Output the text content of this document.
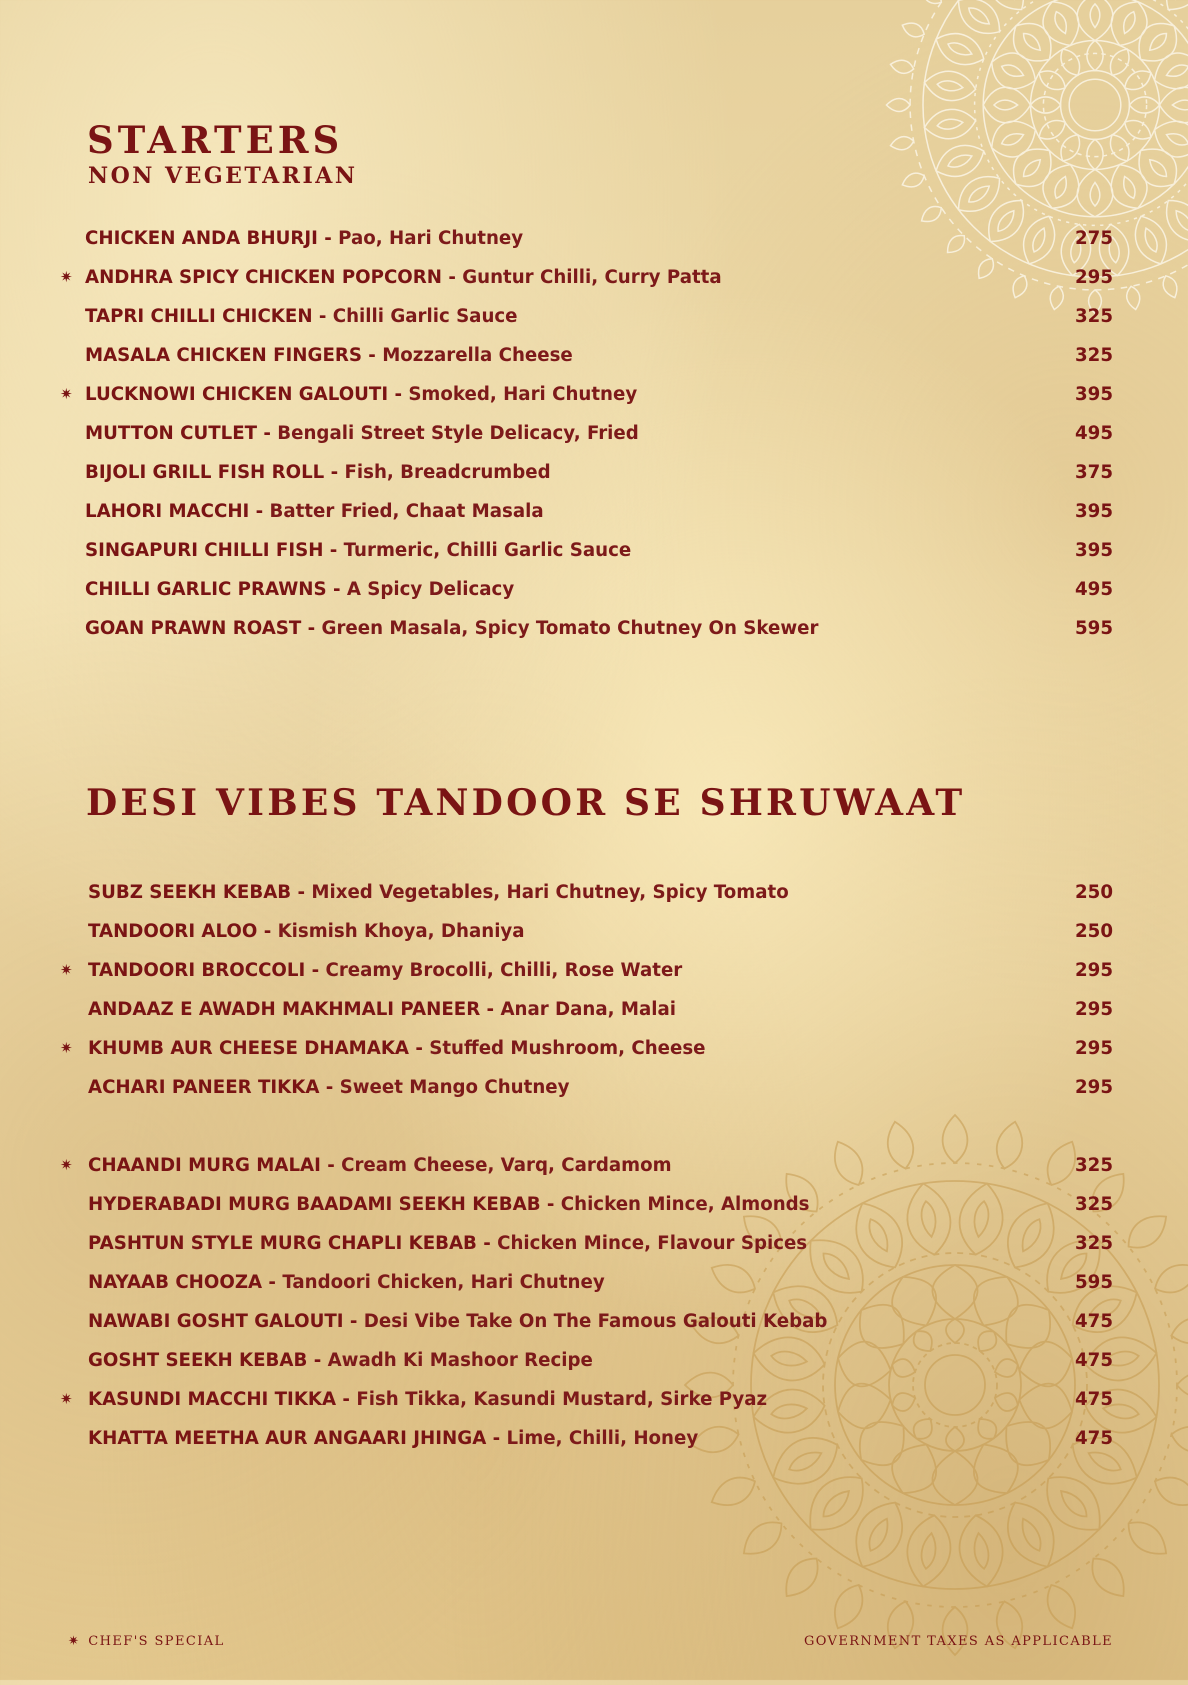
STARTERS
NON VEGETARIAN
CHICKEN ANDA BHURJI - Pao, Hari Chutney	275
✷ ANDHRA SPICY CHICKEN POPCORN - Guntur Chilli, Curry Patta	295
TAPRI CHILLI CHICKEN - Chilli Garlic Sauce	325
MASALA CHICKEN FINGERS - Mozzarella Cheese	325
✷ LUCKNOWI CHICKEN GALOUTI - Smoked, Hari Chutney	395
MUTTON CUTLET - Bengali Street Style Delicacy, Fried	495
BIJOLI GRILL FISH ROLL - Fish, Breadcrumbed	375
LAHORI MACCHI - Batter Fried, Chaat Masala	395
SINGAPURI CHILLI FISH - Turmeric, Chilli Garlic Sauce	395
CHILLI GARLIC PRAWNS - A Spicy Delicacy	495
GOAN PRAWN ROAST - Green Masala, Spicy Tomato Chutney On Skewer	595
DESI VIBES TANDOOR SE SHRUWAAT
SUBZ SEEKH KEBAB - Mixed Vegetables, Hari Chutney, Spicy Tomato	250
TANDOORI ALOO - Kismish Khoya, Dhaniya	250
✷ TANDOORI BROCCOLI - Creamy Brocolli, Chilli, Rose Water	295
ANDAAZ E AWADH MAKHMALI PANEER - Anar Dana, Malai	295
✷ KHUMB AUR CHEESE DHAMAKA - Stuffed Mushroom, Cheese	295
ACHARI PANEER TIKKA - Sweet Mango Chutney	295
✷ CHAANDI MURG MALAI - Cream Cheese, Varq, Cardamom	325
HYDERABADI MURG BAADAMI SEEKH KEBAB - Chicken Mince, Almonds	325
PASHTUN STYLE MURG CHAPLI KEBAB - Chicken Mince, Flavour Spices	325
NAYAAB CHOOZA - Tandoori Chicken, Hari Chutney	595
NAWABI GOSHT GALOUTI - Desi Vibe Take On The Famous Galouti Kebab	475
GOSHT SEEKH KEBAB - Awadh Ki Mashoor Recipe	475
✷ KASUNDI MACCHI TIKKA - Fish Tikka, Kasundi Mustard, Sirke Pyaz	475
KHATTA MEETHA AUR ANGAARI JHINGA - Lime, Chilli, Honey	475
✷ CHEF'S SPECIAL	GOVERNMENT TAXES AS APPLICABLE
